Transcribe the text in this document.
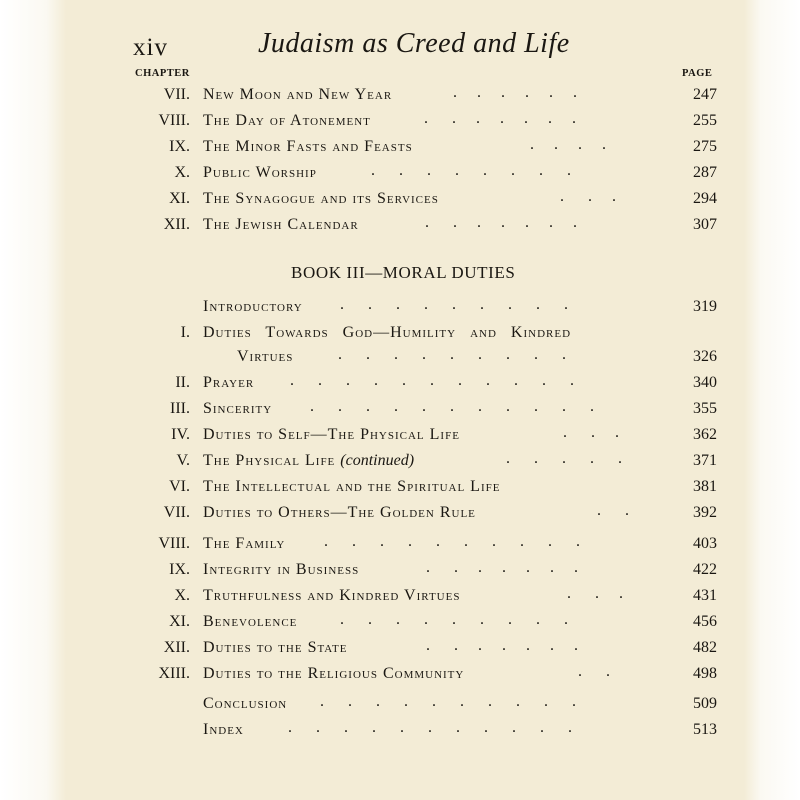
xiv	Judaism as Creed and Life
CHAPTER	PAGE
VII. New Moon and New Year	.     .     .     .     .     .	247
VIII. The Day of Atonement	.      .     .     .     .     .     .	255
IX. The Minor Fasts and Feasts	.     .     .     .	275
X. Public Worship	.      .      .      .      .      .      .      .	287
XI. The Synagogue and its Services	.      .     .	294
XII. The Jewish Calendar	.      .     .     .     .     .     .	307
BOOK III—MORAL DUTIES
Introductory .      .      .      .      .      .      .      .      .	319
I. Duties Towards God—Humility and Kindred
Virtues	.      .      .      .      .      .      .      .      .	326
II. Prayer .      .      .      .      .      .      .      .      .      .      .	340
III. Sincerity .      .      .      .      .      .      .      .      .      .      .	355
IV. Duties to Self—The Physical Life	.      .     .	362
V. The Physical Life (continued)	.      .      .      .      .	371
VI. The Intellectual and the Spiritual Life	381
VII. Duties to Others—The Golden Rule	.      .	392
VIII. The Family .      .      .      .      .      .      .      .      .      .	403
IX. Integrity in Business	.      .     .     .     .     .     .	422
X. Truthfulness and Kindred Virtues	.      .     .	431
XI. Benevolence	.      .      .      .      .      .      .      .      .	456
XII. Duties to the State	.      .     .     .     .     .     .	482
XIII. Duties to the Religious Community	.      .	498
Conclusion .      .      .      .      .      .      .      .      .      .	509
Index	.      .      .      .      .      .      .      .      .      .      .	513
